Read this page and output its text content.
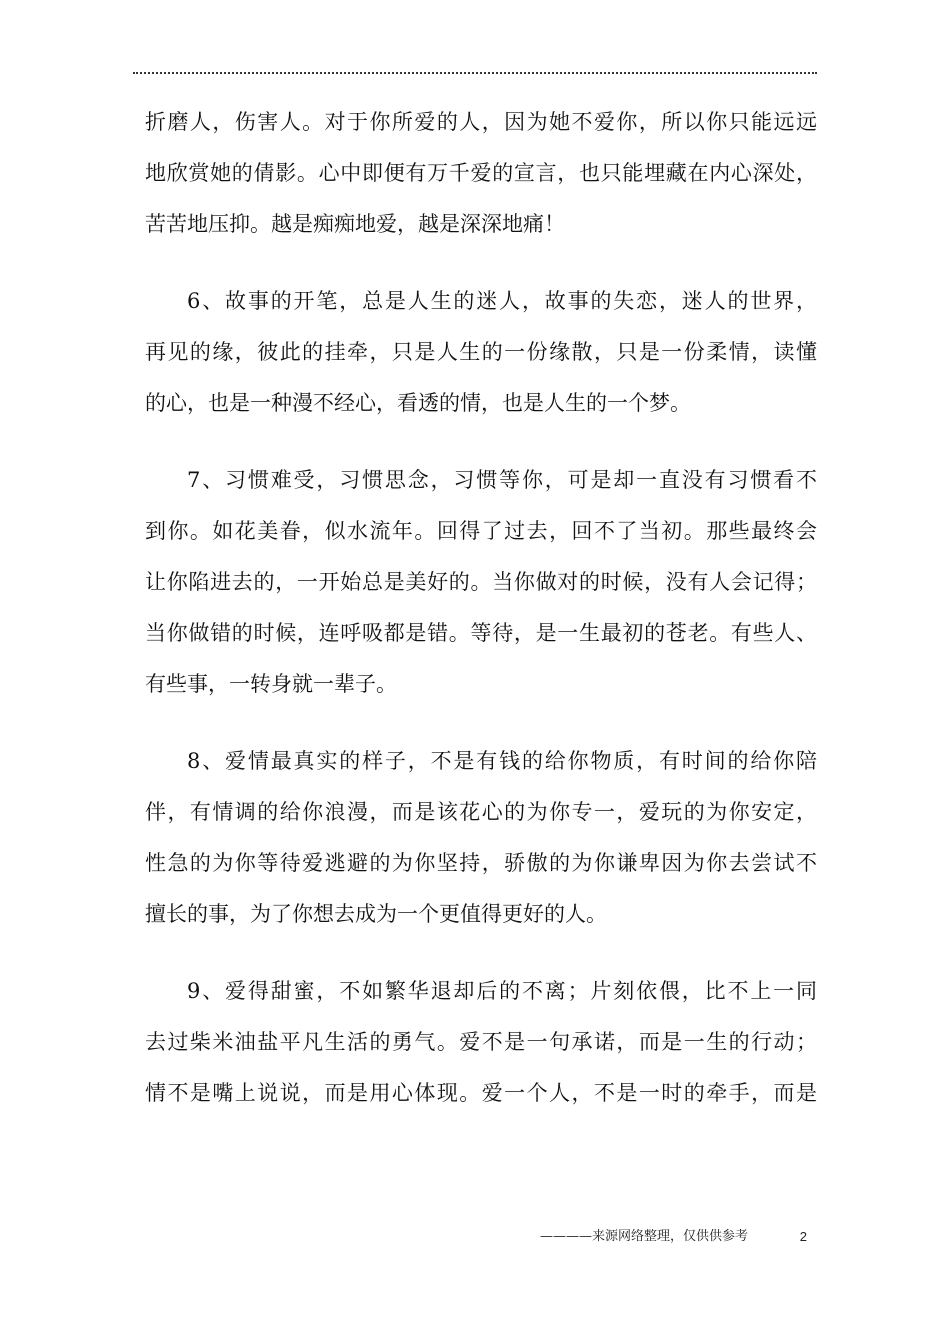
折磨人，伤害人。对于你所爱的人，因为她不爱你，所以你只能远远
地欣赏她的倩影。心中即便有万千爱的宣言，也只能埋藏在内心深处，
苦苦地压抑。越是痴痴地爱，越是深深地痛！
6、故事的开笔，总是人生的迷人，故事的失恋，迷人的世界，
再见的缘，彼此的挂牵，只是人生的一份缘散，只是一份柔情，读懂
的心，也是一种漫不经心，看透的情，也是人生的一个梦。
7、习惯难受，习惯思念，习惯等你，可是却一直没有习惯看不
到你。如花美眷，似水流年。回得了过去，回不了当初。那些最终会
让你陷进去的，一开始总是美好的。当你做对的时候，没有人会记得；
当你做错的时候，连呼吸都是错。等待，是一生最初的苍老。有些人、
有些事，一转身就一辈子。
8、爱情最真实的样子，不是有钱的给你物质，有时间的给你陪
伴，有情调的给你浪漫，而是该花心的为你专一，爱玩的为你安定，
性急的为你等待爱逃避的为你坚持，骄傲的为你谦卑因为你去尝试不
擅长的事，为了你想去成为一个更值得更好的人。
9、爱得甜蜜，不如繁华退却后的不离；片刻依偎，比不上一同
去过柴米油盐平凡生活的勇气。爱不是一句承诺，而是一生的行动；
情不是嘴上说说，而是用心体现。爱一个人，不是一时的牵手，而是
————来源网络整理，仅供供参考	2
